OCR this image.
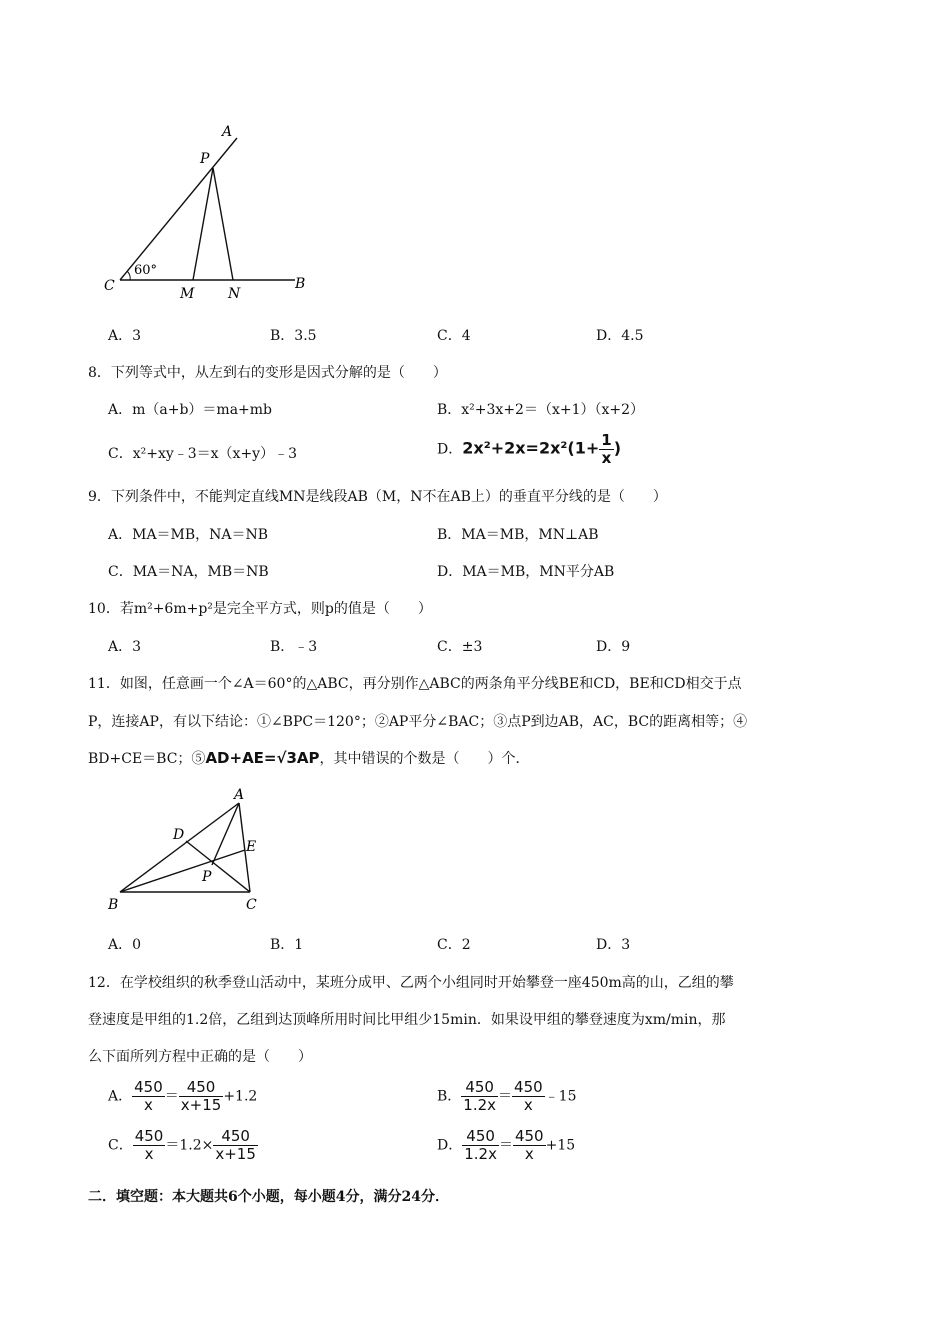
A
P
C	M N
B
60°
A．3	B．3.5	C．4	D．4.5
8．下列等式中，从左到右的变形是因式分解的是（　　）
A．m（a+b）＝ma+mb	B．x²+3x+2＝（x+1）（x+2）
C．x²+xy﹣3＝x（x+y）﹣3	D．$2x^2+2x=2x^2(1+ \frac{1}{x}$ )
9．下列条件中，不能判定直线MN是线段AB（M，N不在AB上）的垂直平分线的是（　　）
A．MA＝MB，NA＝NB	B．MA＝MB，MN⊥AB
C．MA＝NA，MB＝NB	D．MA＝MB，MN平分AB
10．若m²+6m+p²是完全平方式，则p的值是（　　）
A．3	B．﹣3	C．±3	D．9
11．如图，任意画一个∠A＝60°的△ABC，再分别作△ABC的两条角平分线BE和CD，BE和CD相交于点
P，连接AP，有以下结论：①∠BPC＝120°；②AP平分∠BAC；③点P到边AB，AC，BC的距离相等；④
BD+CE＝BC；⑤AD+AE=√3AP，其中错误的个数是（　　）个．
A
D
E
P
B	C
A．0	B．1	C．2	D．3
12．在学校组织的秋季登山活动中，某班分成甲、乙两个小组同时开始攀登一座450m高的山，乙组的攀
登速度是甲组的1.2倍，乙组到达顶峰所用时间比甲组少15min．如果设甲组的攀登速度为xm/min，那
么下面所列方程中正确的是（　　）
A． $\frac{450}{x} = \frac{450}{x+15} +1.2$	B． $\frac{450}{1.2x} = \frac{450}{x}$ ﹣15
C． $\frac{450}{x} =1.2\times \frac{450}{x+15}$	D． $\frac{450}{1.2x} = \frac{450}{x} +15$
二．填空题：本大题共6个小题，每小题4分，满分24分．
